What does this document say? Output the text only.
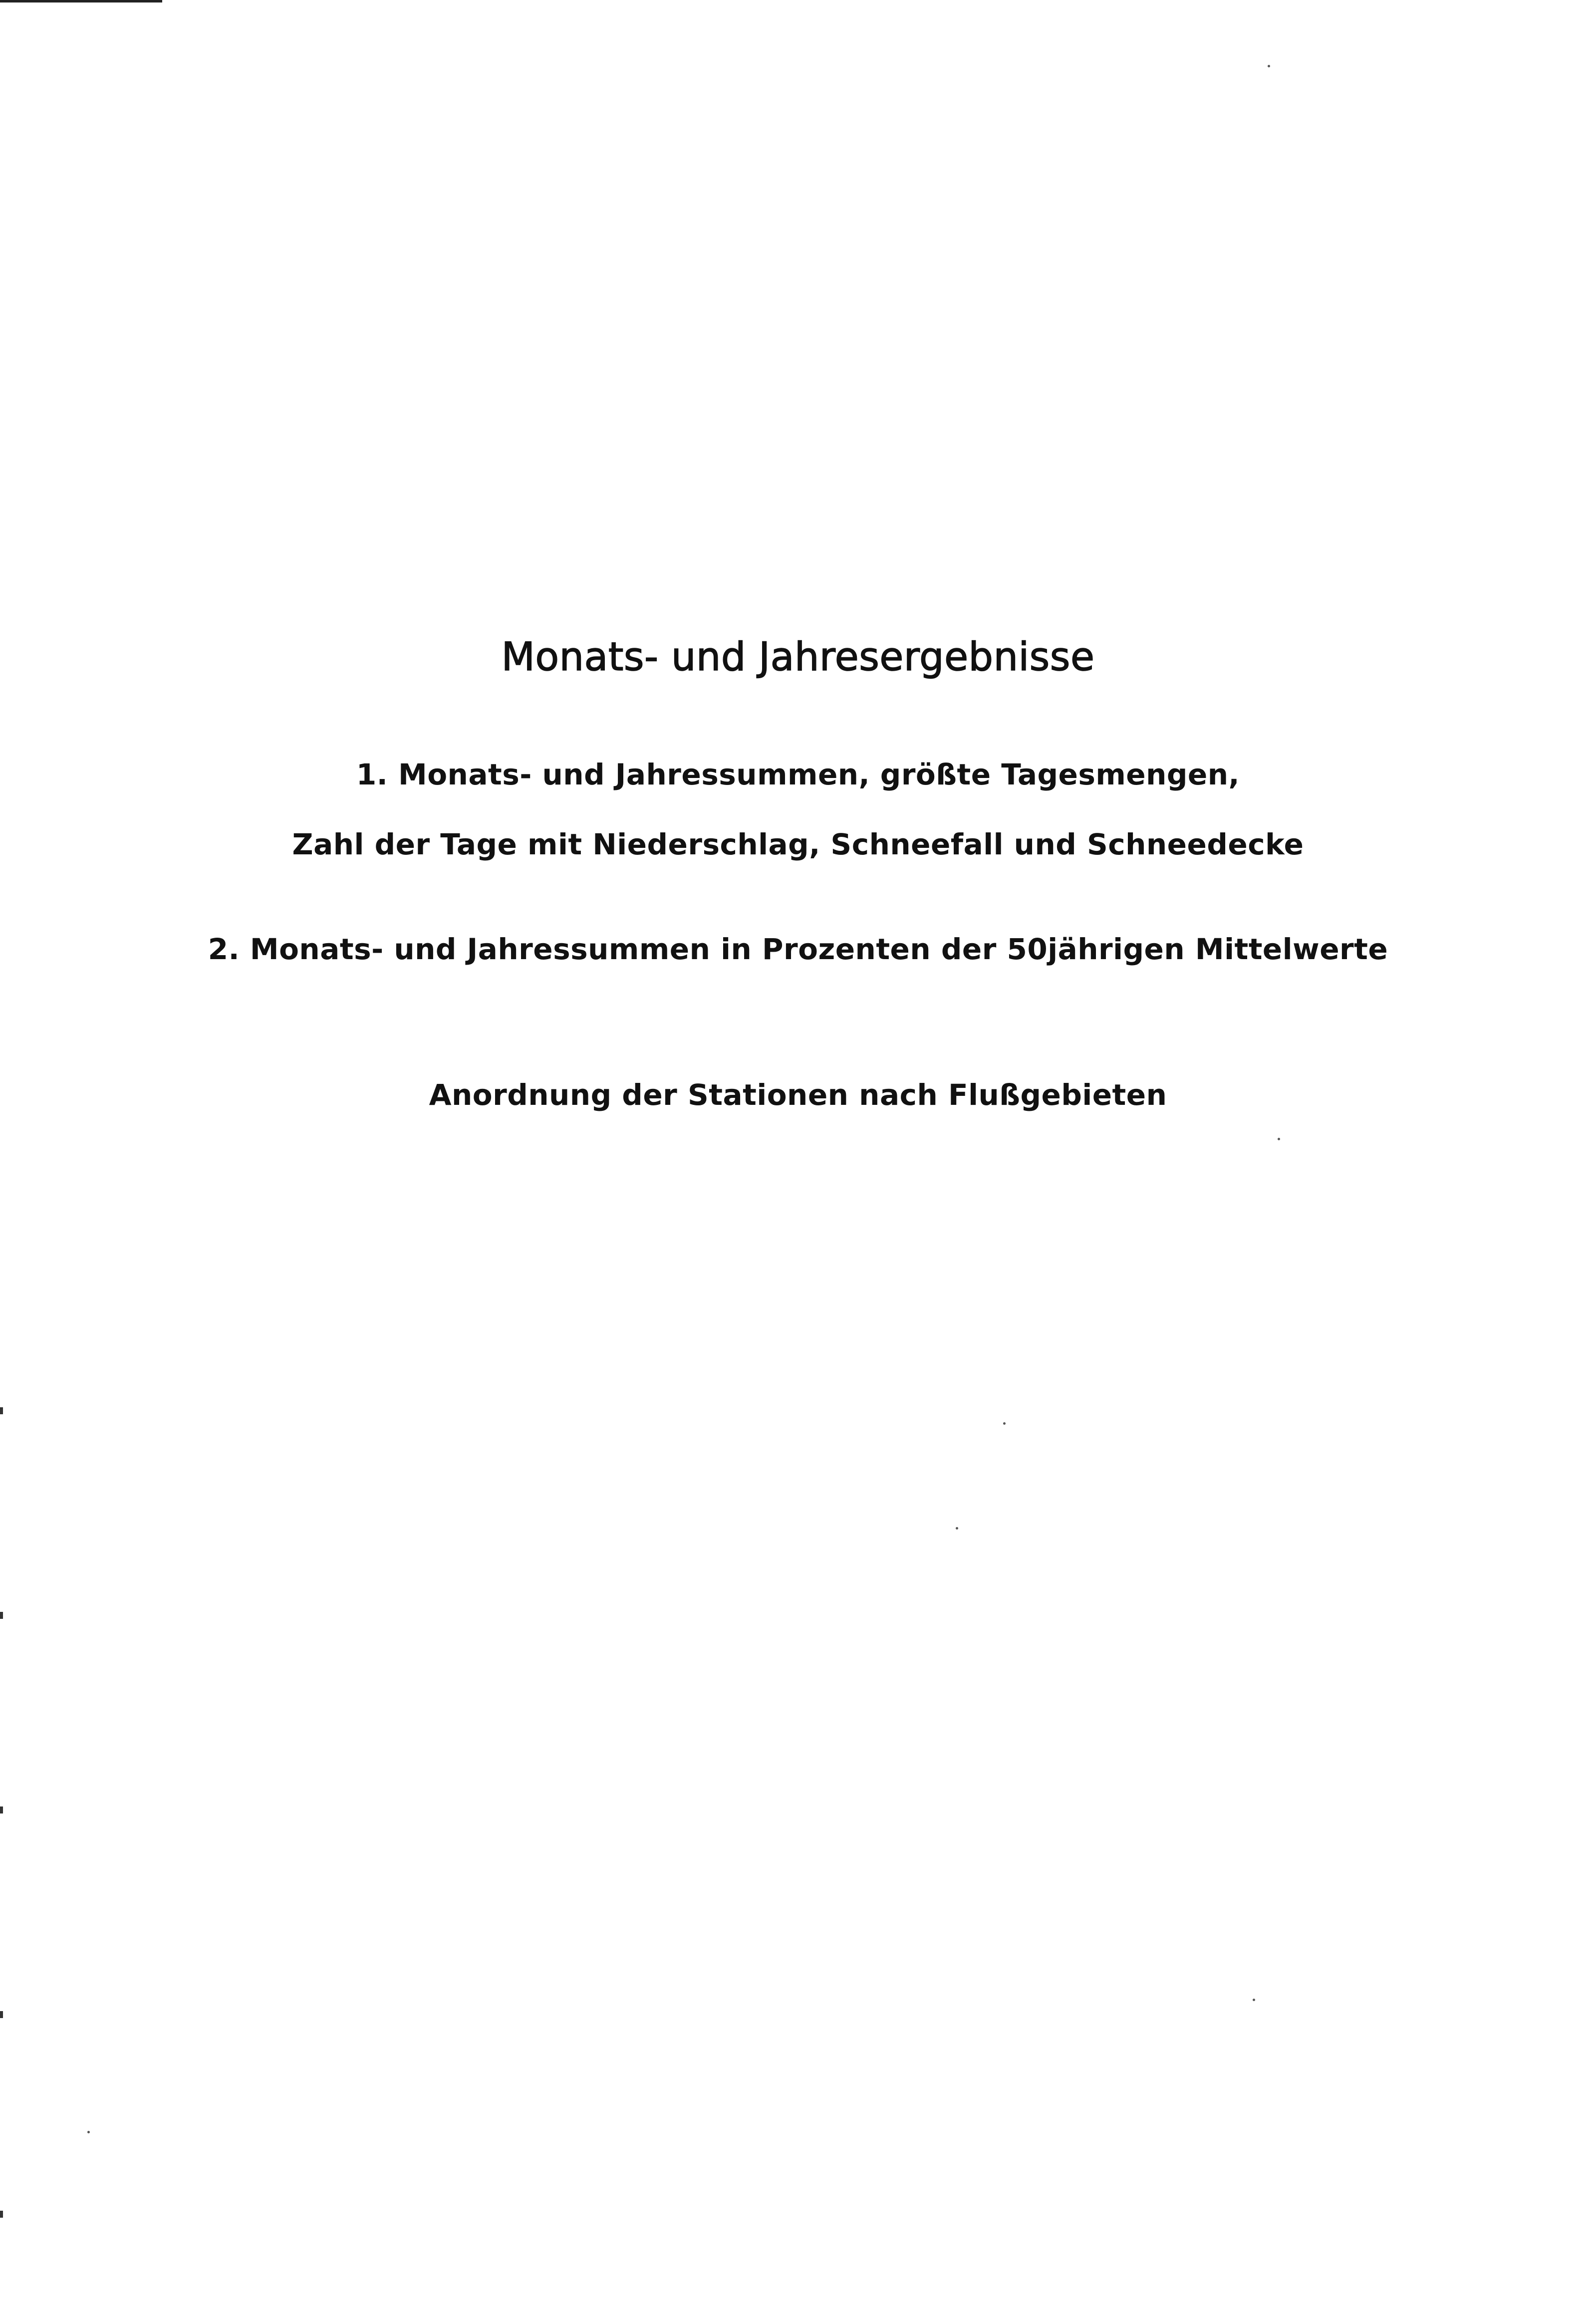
Monats- und Jahresergebnisse
1. Monats- und Jahressummen, größte Tagesmengen,
Zahl der Tage mit Niederschlag, Schneefall und Schneedecke
2. Monats- und Jahressummen in Prozenten der 50jährigen Mittelwerte
Anordnung der Stationen nach Flußgebieten
